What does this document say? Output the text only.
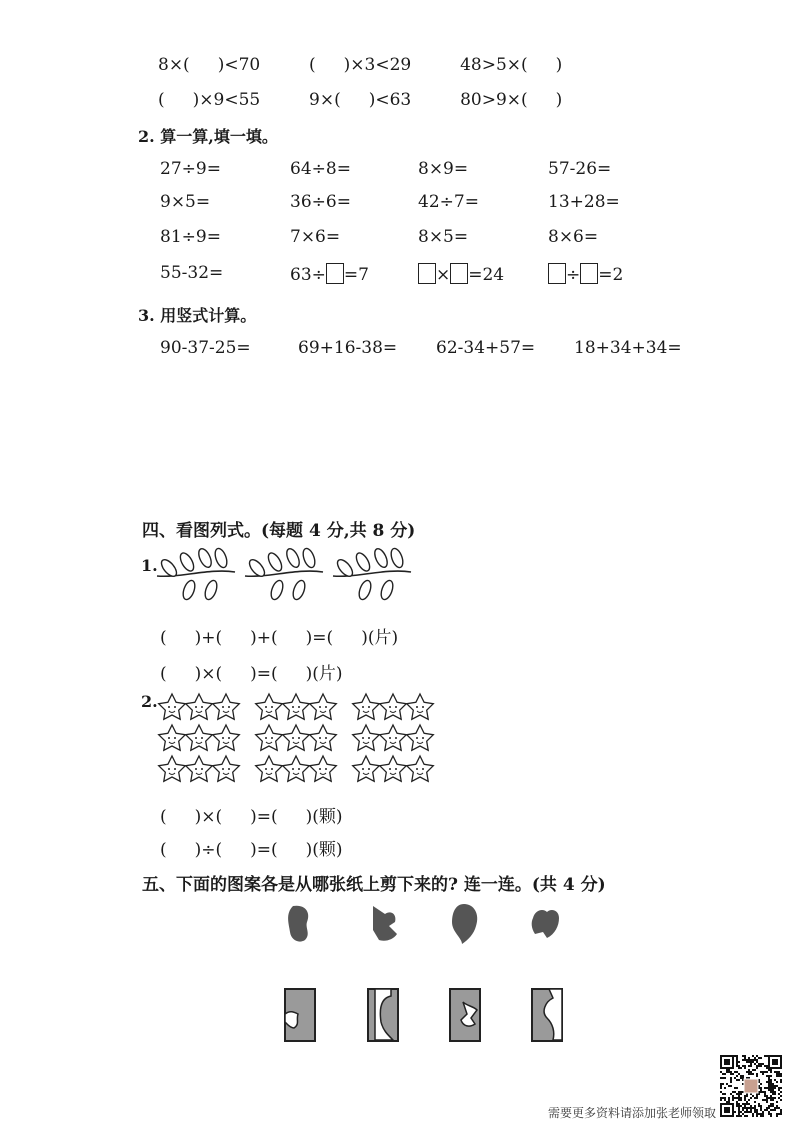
8×( )<70	( )×3<29	48>5×( )
( )×9<55	9×( )<63	80>9×( )
2. 算一算,填一填。
27÷9=	64÷8=	8×9=	57-26=
9×5=	36÷6=	42÷7=	13+28=
81÷9=	7×6=	8×5=	8×6=
55-32=	63÷ =7	× =24	÷ =2
3. 用竖式计算。
90-37-25=	69+16-38= 62-34+57= 18+34+34=
四、看图列式。(每题 4 分,共 8 分)
1.
( )+( )+( )=( )(片)
( )×( )=( )(片)
2.
( )×( )=( )(颗)
( )÷( )=( )(颗)
五、下面的图案各是从哪张纸上剪下来的? 连一连。(共 4 分)
需要更多资料请添加张老师领取
